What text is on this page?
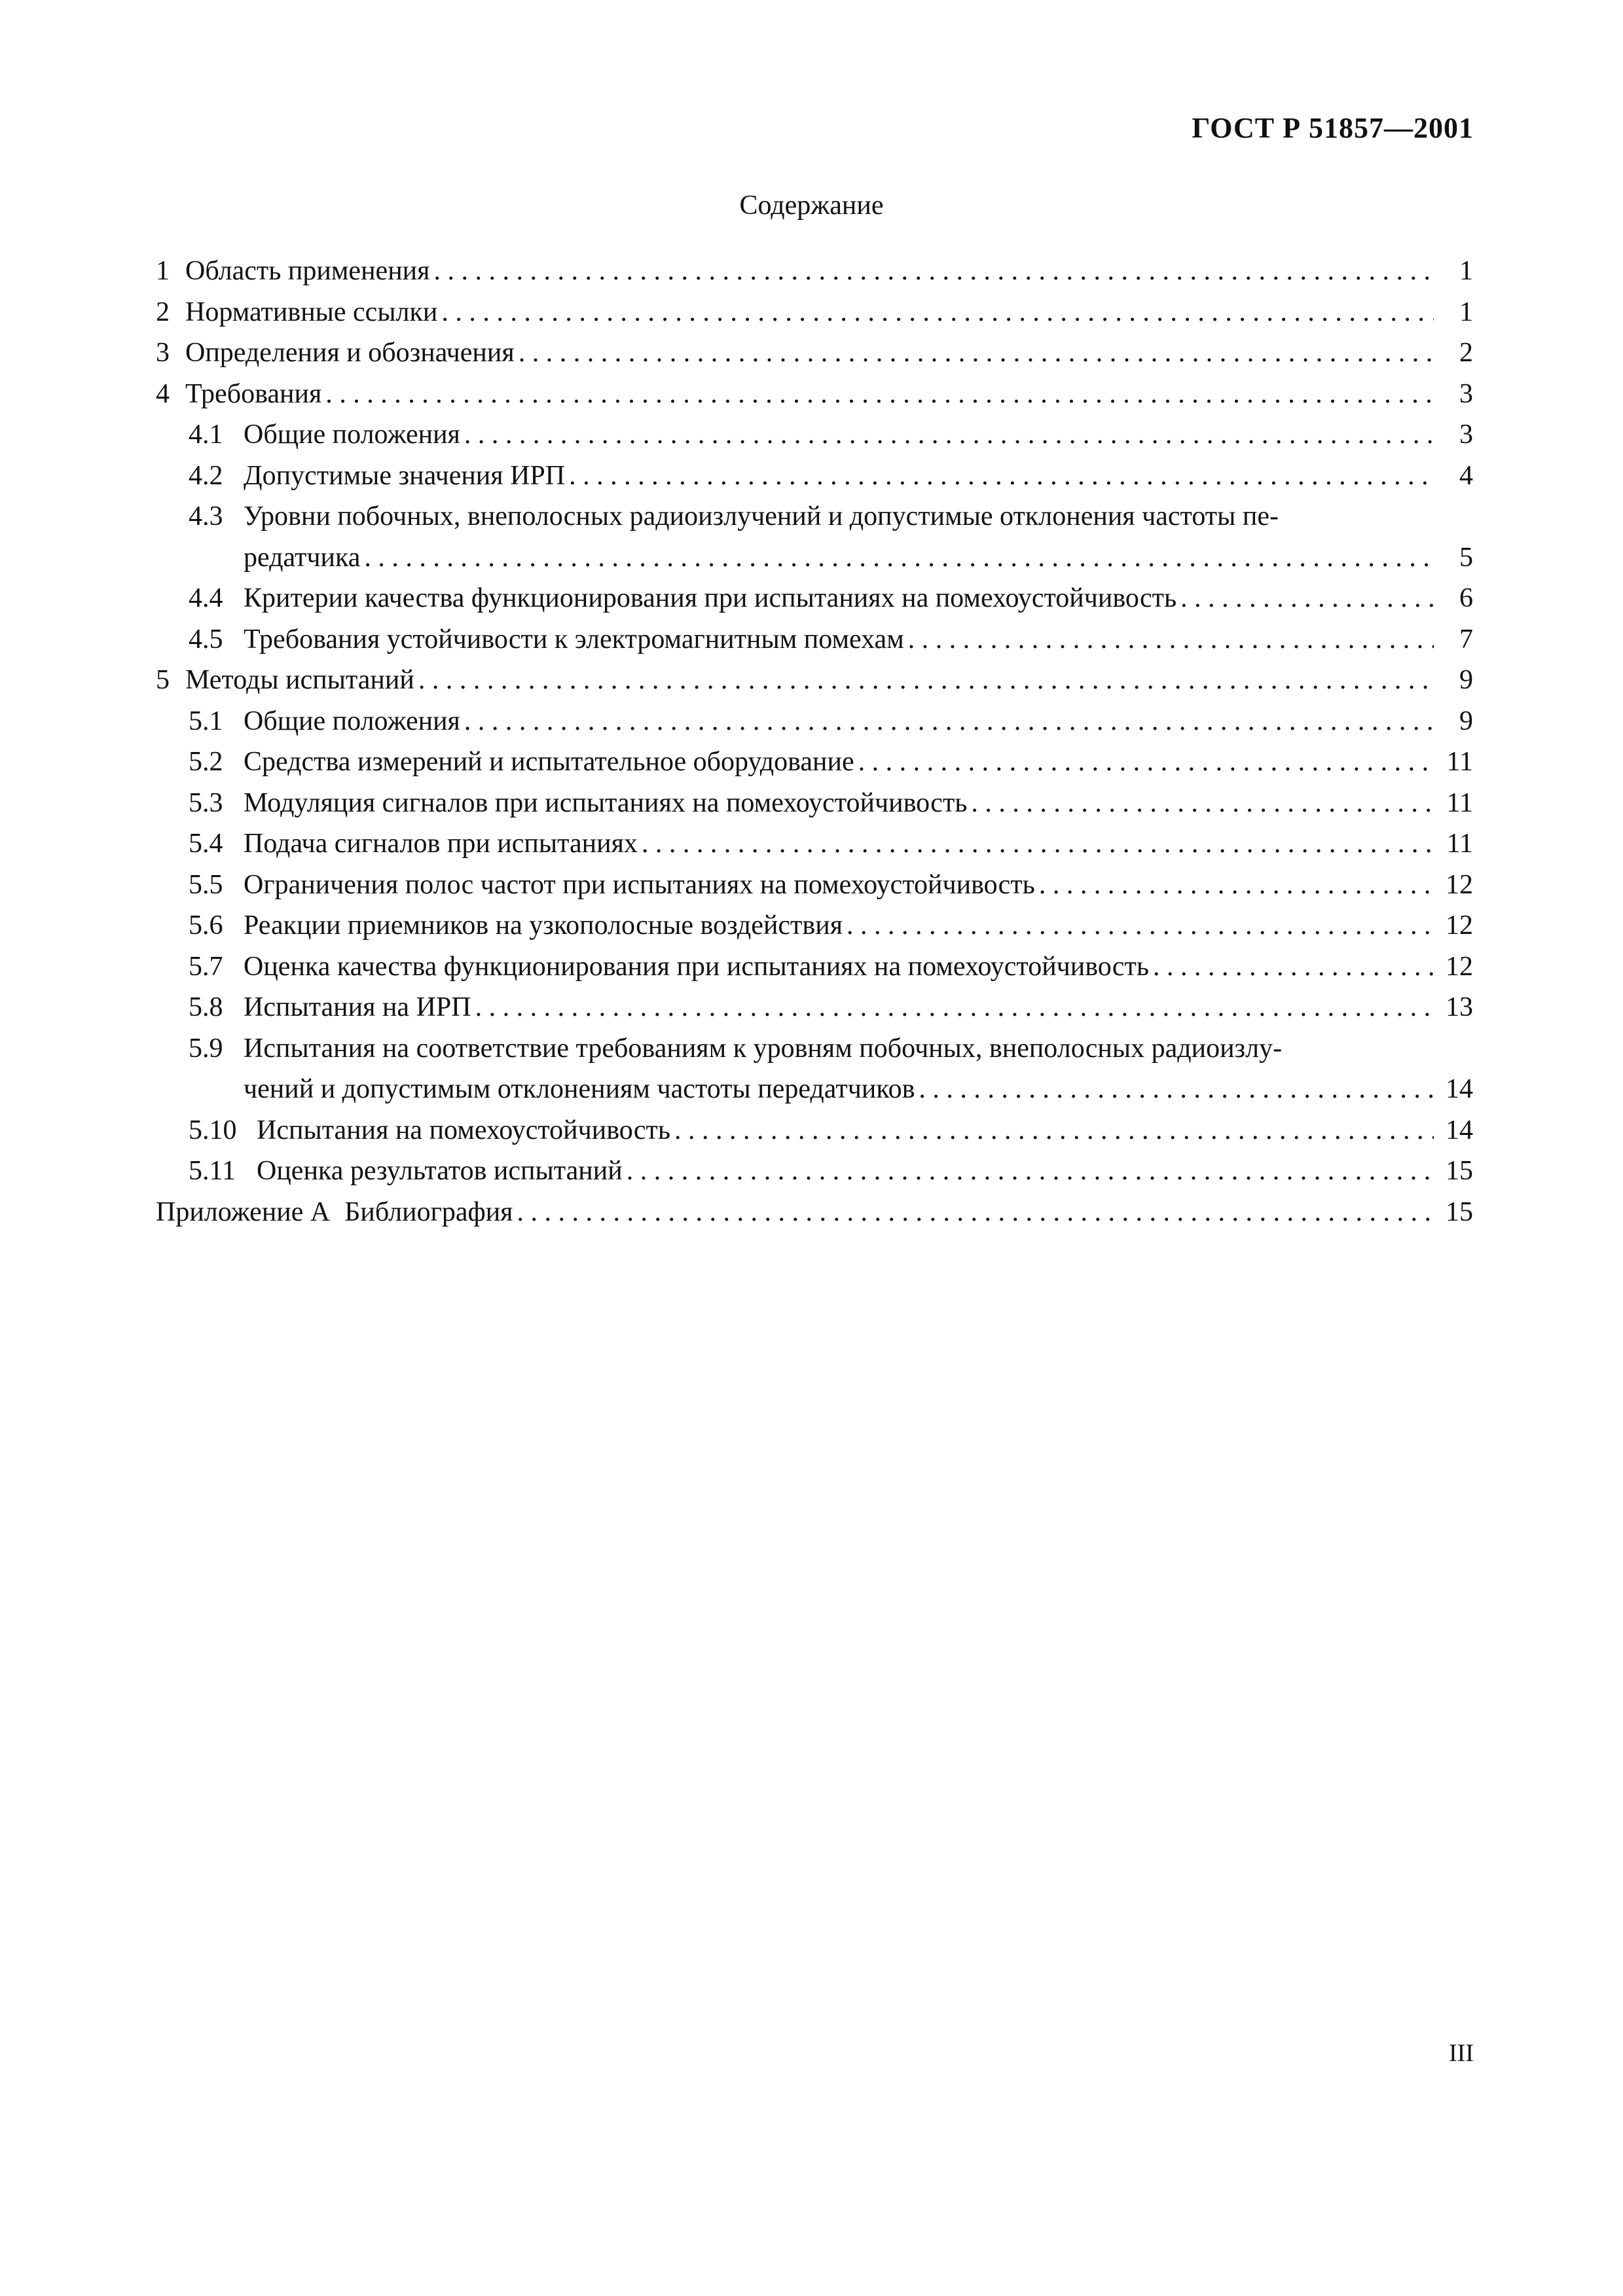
ГОСТ Р 51857—2001
Содержание
1 Область применения . . .	1
2 Нормативные ссылки . . .	1
3 Определения и обозначения . . .	2
4 Требования . . .	3
4.1 Общие положения . . .	3
4.2 Допустимые значения ИРП . . .	4
4.3 Уровни побочных, внеполосных радиоизлучений и допустимые отклонения частоты пе-
редатчика . . .	5
4.4 Критерии качества функционирования при испытаниях на помехоустойчивость . . .	6
4.5 Требования устойчивости к электромагнитным помехам . . .	7
5 Методы испытаний . . .	9
5.1 Общие положения . . .	9
5.2 Средства измерений и испытательное оборудование . . .	11
5.3 Модуляция сигналов при испытаниях на помехоустойчивость . . .	11
5.4 Подача сигналов при испытаниях . . .	11
5.5 Ограничения полос частот при испытаниях на помехоустойчивость . . .	12
5.6 Реакции приемников на узкополосные воздействия . . .	12
5.7 Оценка качества функционирования при испытаниях на помехоустойчивость . . .	12
5.8 Испытания на ИРП . . .	13
5.9 Испытания на соответствие требованиям к уровням побочных, внеполосных радиоизлу-
чений и допустимым отклонениям частоты передатчиков . . .	14
5.10 Испытания на помехоустойчивость . . .	14
5.11 Оценка результатов испытаний . . .	15
Приложение А Библиография . . .	15
III
